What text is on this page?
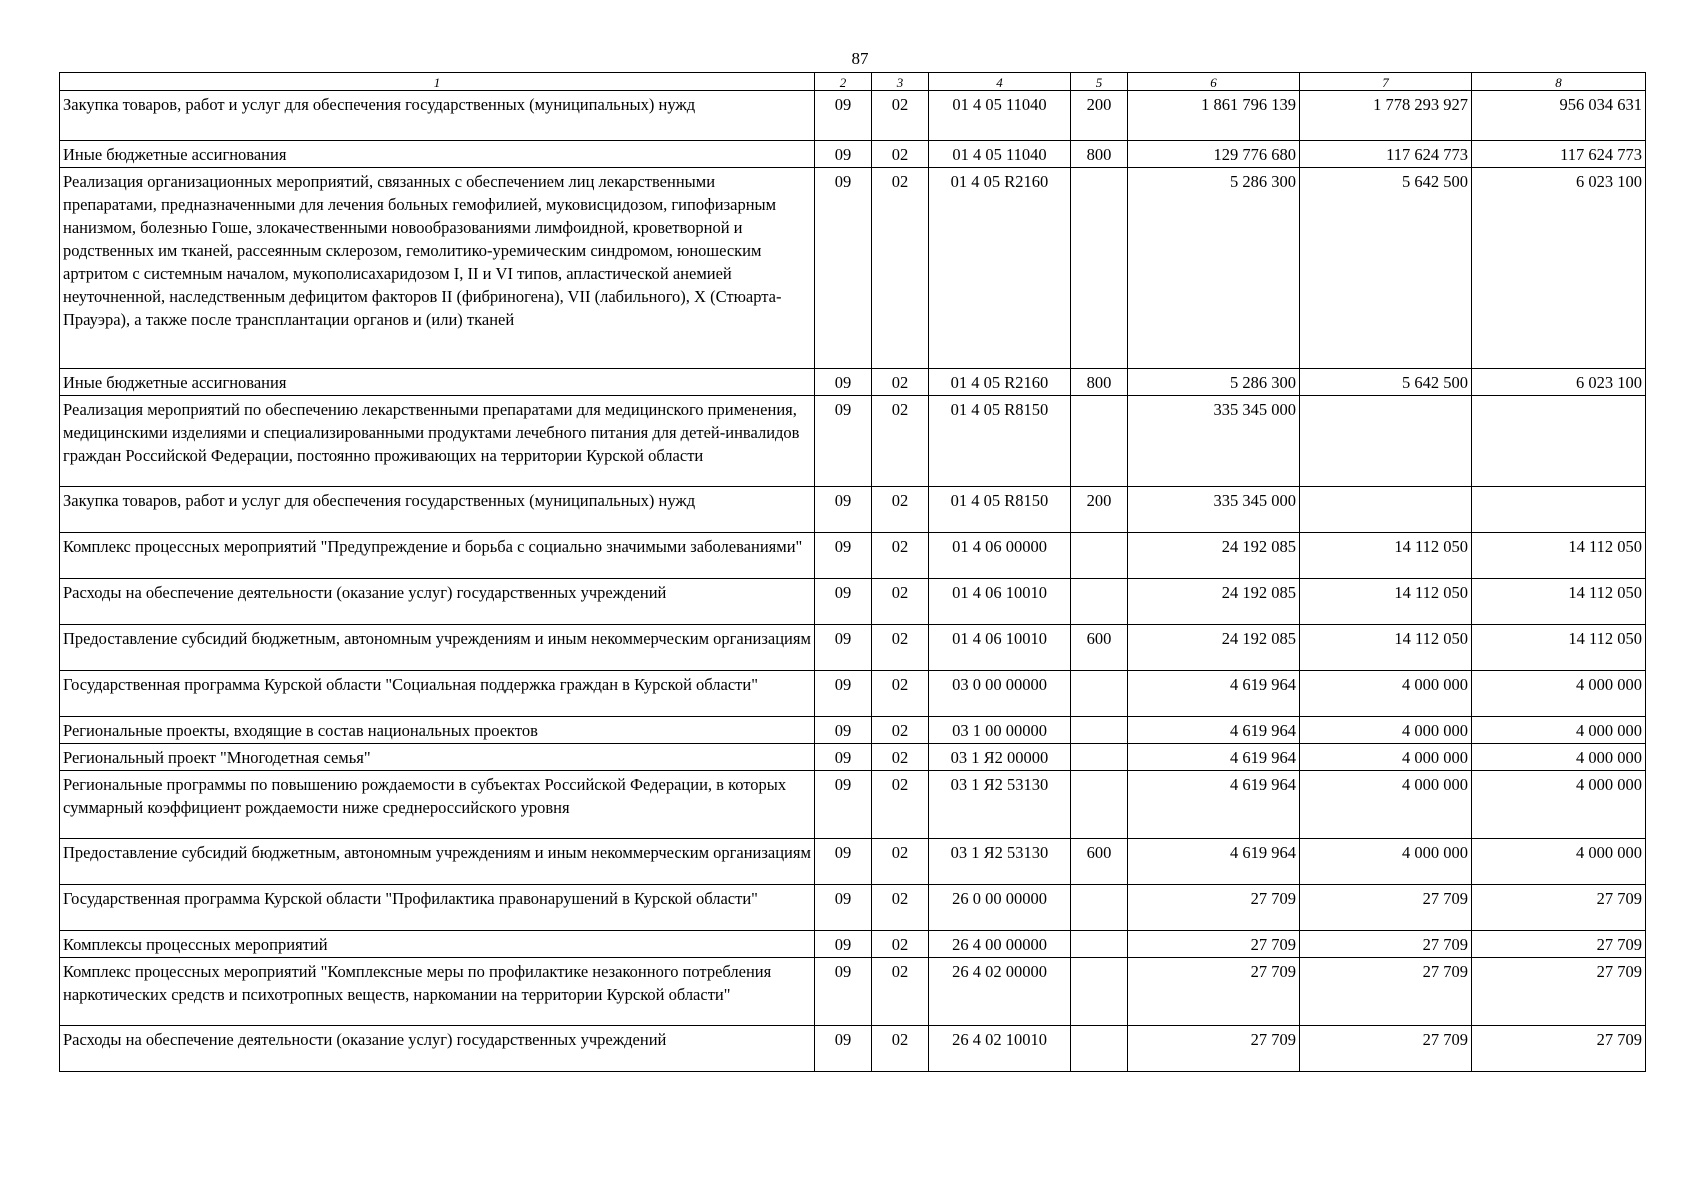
87
1	2	3	4	5	6	7	8
Закупка товаров, работ и услуг для обеспечения государственных (муниципальных) нужд	09	02	01 4 05 11040	200	1 861 796 139	1 778 293 927	956 034 631
Иные бюджетные ассигнования	09	02	01 4 05 11040	800	129 776 680	117 624 773	117 624 773
Реализация организационных мероприятий, связанных с обеспечением лиц лекарственными препаратами, предназначенными для лечения больных гемофилией, муковисцидозом, гипофизарным нанизмом, болезнью Гоше, злокачественными новообразованиями лимфоидной, кроветворной и родственных им тканей, рассеянным склерозом, гемолитико-уремическим синдромом, юношеским артритом с системным началом, мукополисахаридозом I, II и VI типов, апластической анемией неуточненной, наследственным дефицитом факторов II (фибриногена), VII (лабильного), X (Стюарта-Прауэра), а также после трансплантации органов и (или) тканей	09	02	01 4 05 R2160		5 286 300	5 642 500	6 023 100
Иные бюджетные ассигнования	09	02	01 4 05 R2160	800	5 286 300	5 642 500	6 023 100
Реализация мероприятий по обеспечению лекарственными препаратами для медицинского применения, медицинскими изделиями и специализированными продуктами лечебного питания для детей-инвалидов граждан Российской Федерации, постоянно проживающих на территории Курской области	09	02	01 4 05 R8150		335 345 000		
Закупка товаров, работ и услуг для обеспечения государственных (муниципальных) нужд	09	02	01 4 05 R8150	200	335 345 000		
Комплекс процессных мероприятий "Предупреждение и борьба с социально значимыми заболеваниями"	09	02	01 4 06 00000		24 192 085	14 112 050	14 112 050
Расходы на обеспечение деятельности (оказание услуг) государственных учреждений	09	02	01 4 06 10010		24 192 085	14 112 050	14 112 050
Предоставление субсидий бюджетным, автономным учреждениям и иным некоммерческим организациям	09	02	01 4 06 10010	600	24 192 085	14 112 050	14 112 050
Государственная программа Курской области "Социальная поддержка граждан в Курской области"	09	02	03 0 00 00000		4 619 964	4 000 000	4 000 000
Региональные проекты, входящие в состав национальных проектов	09	02	03 1 00 00000		4 619 964	4 000 000	4 000 000
Региональный проект "Многодетная семья"	09	02	03 1 Я2 00000		4 619 964	4 000 000	4 000 000
Региональные программы по повышению рождаемости в субъектах Российской Федерации, в которых суммарный коэффициент рождаемости ниже среднероссийского уровня	09	02	03 1 Я2 53130		4 619 964	4 000 000	4 000 000
Предоставление субсидий бюджетным, автономным учреждениям и иным некоммерческим организациям	09	02	03 1 Я2 53130	600	4 619 964	4 000 000	4 000 000
Государственная программа Курской области "Профилактика правонарушений в Курской области"	09	02	26 0 00 00000		27 709	27 709	27 709
Комплексы процессных мероприятий	09	02	26 4 00 00000		27 709	27 709	27 709
Комплекс процессных мероприятий "Комплексные меры по профилактике незаконного потребления наркотических средств и психотропных веществ, наркомании на территории Курской области"	09	02	26 4 02 00000		27 709	27 709	27 709
Расходы на обеспечение деятельности (оказание услуг) государственных учреждений	09	02	26 4 02 10010		27 709	27 709	27 709
